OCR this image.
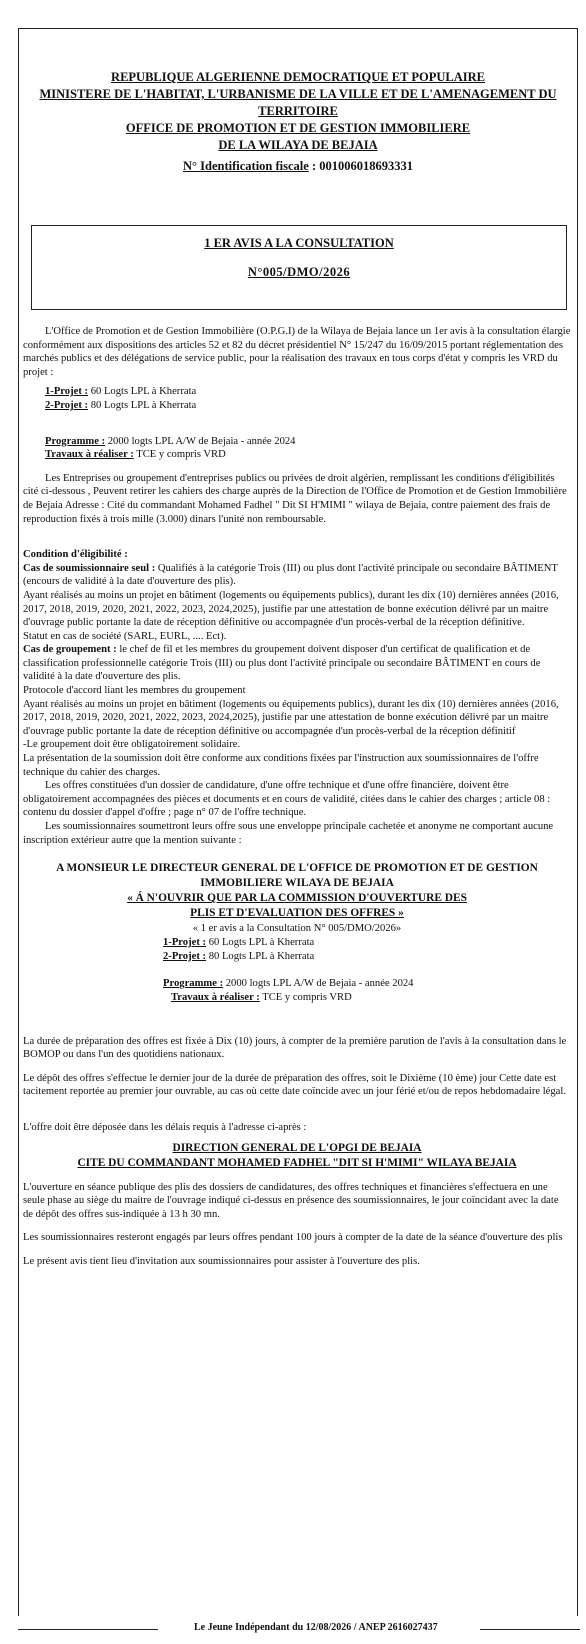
REPUBLIQUE ALGERIENNE DEMOCRATIQUE ET POPULAIRE
MINISTERE DE L'HABITAT, L'URBANISME DE LA VILLE ET DE L'AMENAGEMENT DU
TERRITOIRE
OFFICE DE PROMOTION ET DE GESTION IMMOBILIERE
DE LA WILAYA DE BEJAIA
N° Identification fiscale : 001006018693331
1 ER AVIS A LA CONSULTATION
N°005/DMO/2026

L'Office de Promotion et de Gestion Immobilière (O.P.G.I) de la Wilaya de Bejaia lance un 1er avis à la consultation élargie conformément aux dispositions des articles 52 et 82 du décret présidentiel N° 15/247 du 16/09/2015 portant réglementation des marchés publics et des délégations de service public, pour la réalisation des travaux en tous corps d'état y compris les VRD du projet :

1-Projet : 60 Logts LPL à Kherrata

2-Projet : 80 Logts LPL à Kherrata

Programme : 2000 logts LPL A/W de Bejaia - année 2024

Travaux à réaliser : TCE y compris VRD

Les Entreprises ou groupement d'entreprises publics ou privées de droit algérien, remplissant les conditions d'éligibilités cité ci-dessous , Peuvent retirer les cahiers des charge auprès de la Direction de l'Office de Promotion et de Gestion Immobilière de Bejaia Adresse : Cité du commandant Mohamed Fadhel " Dit SI H'MIMI " wilaya de Bejaia, contre paiement des frais de reproduction fixés à trois mille (3.000) dinars l'unité non remboursable.

Condition d'éligibilité :

Cas de soumissionnaire seul : Qualifiés à la catégorie Trois (III) ou plus dont l'activité principale ou secondaire BÂTIMENT (encours de validité à la date d'ouverture des plis).

Ayant réalisés au moins un projet en bâtiment (logements ou équipements publics), durant les dix (10) dernières années (2016, 2017, 2018, 2019, 2020, 2021, 2022, 2023, 2024,2025), justifie par une attestation de bonne exécution délivré par un maitre d'ouvrage public portante la date de réception définitive ou accompagnée d'un procès-verbal de la réception définitive.

Statut en cas de société (SARL, EURL, .... Ect).

Cas de groupement : le chef de fil et les membres du groupement doivent disposer d'un certificat de qualification et de classification professionnelle catégorie Trois (III) ou plus dont l'activité principale ou secondaire BÂTIMENT en cours de validité à la date d'ouverture des plis.

Protocole d'accord liant les membres du groupement

Ayant réalisés au moins un projet en bâtiment (logements ou équipements publics), durant les dix (10) dernières années (2016, 2017, 2018, 2019, 2020, 2021, 2022, 2023, 2024,2025), justifie par une attestation de bonne exécution délivré par un maitre d'ouvrage public portante la date de réception définitive ou accompagnée d'un procès-verbal de la réception définitif

-Le groupement doit être obligatoirement solidaire.

La présentation de la soumission doit être conforme aux conditions fixées par l'instruction aux soumissionnaires de l'offre technique du cahier des charges.

Les offres constituées d'un dossier de candidature, d'une offre technique et d'une offre financière, doivent être obligatoirement accompagnées des pièces et documents et en cours de validité, citées dans le cahier des charges ; article 08 : contenu du dossier d'appel d'offre ; page n° 07 de l'offre technique.

Les soumissionnaires soumettront leurs offre sous une enveloppe principale cachetée et anonyme ne comportant aucune inscription extérieur autre que la mention suivante :

A MONSIEUR LE DIRECTEUR GENERAL DE L'OFFICE DE PROMOTION ET DE GESTION
IMMOBILIERE WILAYA DE BEJAIA
« Á N'OUVRIR QUE PAR LA COMMISSION D'OUVERTURE DES
PLIS ET D'EVALUATION DES OFFRES »
« 1 er avis a la Consultation N° 005/DMO/2026»

1-Projet : 60 Logts LPL à Kherrata

2-Projet : 80 Logts LPL à Kherrata

Programme : 2000 logts LPL A/W de Bejaia - année 2024

Travaux à réaliser : TCE y compris VRD

La durée de préparation des offres est fixée à Dix (10) jours, à compter de la première parution de l'avis à la consultation dans le BOMOP ou dans l'un des quotidiens nationaux.

Le dépôt des offres s'effectue le dernier jour de la durée de préparation des offres, soit le Dixième (10 ème) jour Cette date est tacitement reportée au premier jour ouvrable, au cas où cette date coïncide avec un jour férié et/ou de repos hebdomadaire légal.

L'offre doit être déposée dans les délais requis à l'adresse ci-après :

DIRECTION GENERAL DE L'OPGI DE BEJAIA
CITE DU COMMANDANT MOHAMED FADHEL "DIT SI H'MIMI" WILAYA BEJAIA

L'ouverture en séance publique des plis des dossiers de candidatures, des offres techniques et financières s'effectuera en une seule phase au siège du maitre de l'ouvrage indiqué ci-dessus en présence des soumissionnaires, le jour coïncidant avec la date de dépôt des offres sus-indiquée à 13 h 30 mn.

Les soumissionnaires resteront engagés par leurs offres pendant 100 jours à compter de la date de la séance d'ouverture des plis

Le présent avis tient lieu d'invitation aux soumissionnaires pour assister à l'ouverture des plis.

Le Jeune Indépendant du 12/08/2026 / ANEP 2616027437
